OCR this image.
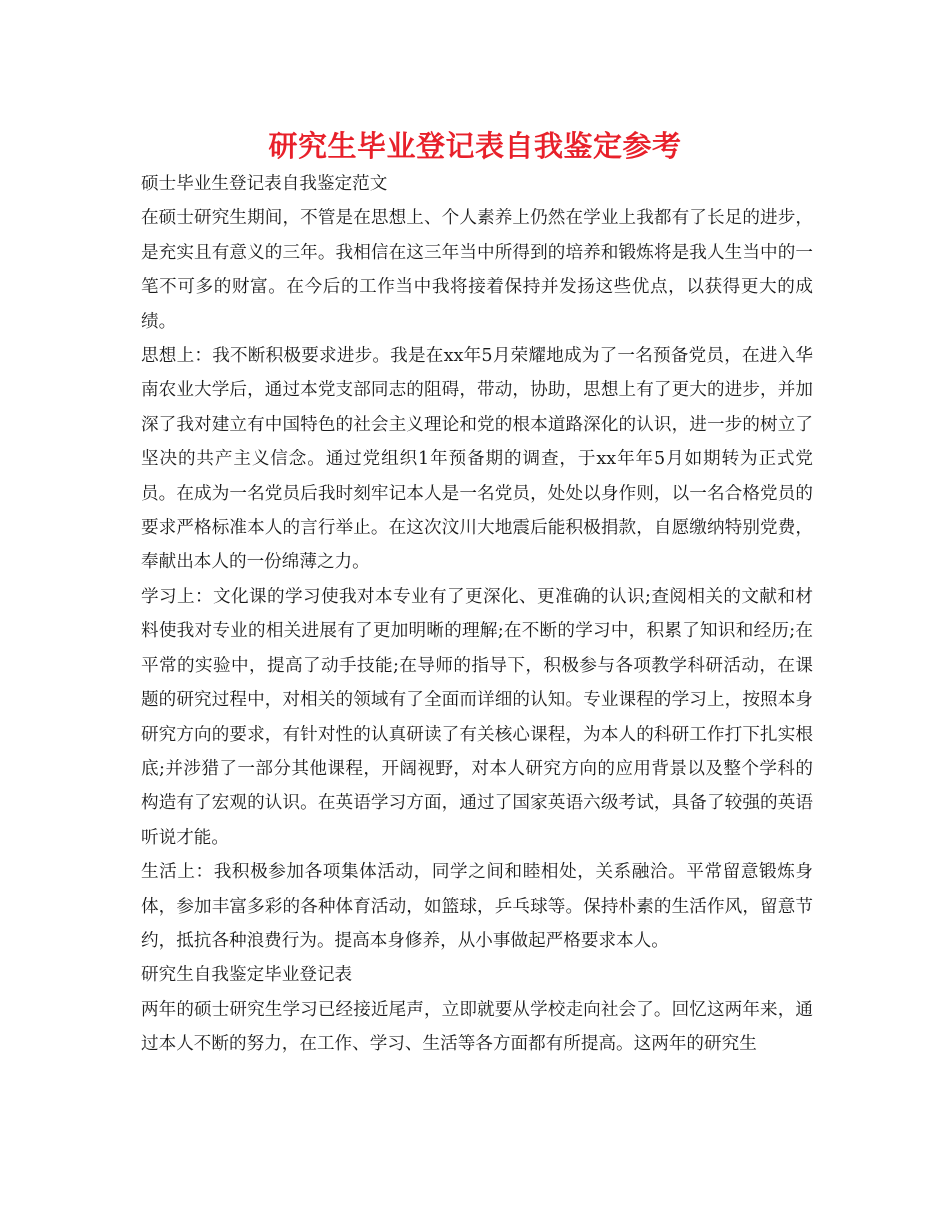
研究生毕业登记表自我鉴定参考

硕士毕业生登记表自我鉴定范文

在硕士研究生期间，不管是在思想上、个人素养上仍然在学业上我都有了长足的进步，是充实且有意义的三年。我相信在这三年当中所得到的培养和锻炼将是我人生当中的一笔不可多的财富。在今后的工作当中我将接着保持并发扬这些优点，以获得更大的成绩。

思想上：我不断积极要求进步。我是在xx年5月荣耀地成为了一名预备党员，在进入华南农业大学后，通过本党支部同志的阻碍，带动，协助，思想上有了更大的进步，并加深了我对建立有中国特色的社会主义理论和党的根本道路深化的认识，进一步的树立了坚决的共产主义信念。通过党组织1年预备期的调查，于xx年年5月如期转为正式党员。在成为一名党员后我时刻牢记本人是一名党员，处处以身作则，以一名合格党员的要求严格标准本人的言行举止。在这次汶川大地震后能积极捐款，自愿缴纳特别党费，奉献出本人的一份绵薄之力。

学习上：文化课的学习使我对本专业有了更深化、更准确的认识;查阅相关的文献和材料使我对专业的相关进展有了更加明晰的理解;在不断的学习中，积累了知识和经历;在平常的实验中，提高了动手技能;在导师的指导下，积极参与各项教学科研活动，在课题的研究过程中，对相关的领域有了全面而详细的认知。专业课程的学习上，按照本身研究方向的要求，有针对性的认真研读了有关核心课程，为本人的科研工作打下扎实根底;并涉猎了一部分其他课程，开阔视野，对本人研究方向的应用背景以及整个学科的构造有了宏观的认识。在英语学习方面，通过了国家英语六级考试，具备了较强的英语听说才能。

生活上：我积极参加各项集体活动，同学之间和睦相处，关系融洽。平常留意锻炼身体，参加丰富多彩的各种体育活动，如篮球，乒乓球等。保持朴素的生活作风，留意节约，抵抗各种浪费行为。提高本身修养，从小事做起严格要求本人。

研究生自我鉴定毕业登记表

两年的硕士研究生学习已经接近尾声，立即就要从学校走向社会了。回忆这两年来，通过本人不断的努力，在工作、学习、生活等各方面都有所提高。这两年的研究生
